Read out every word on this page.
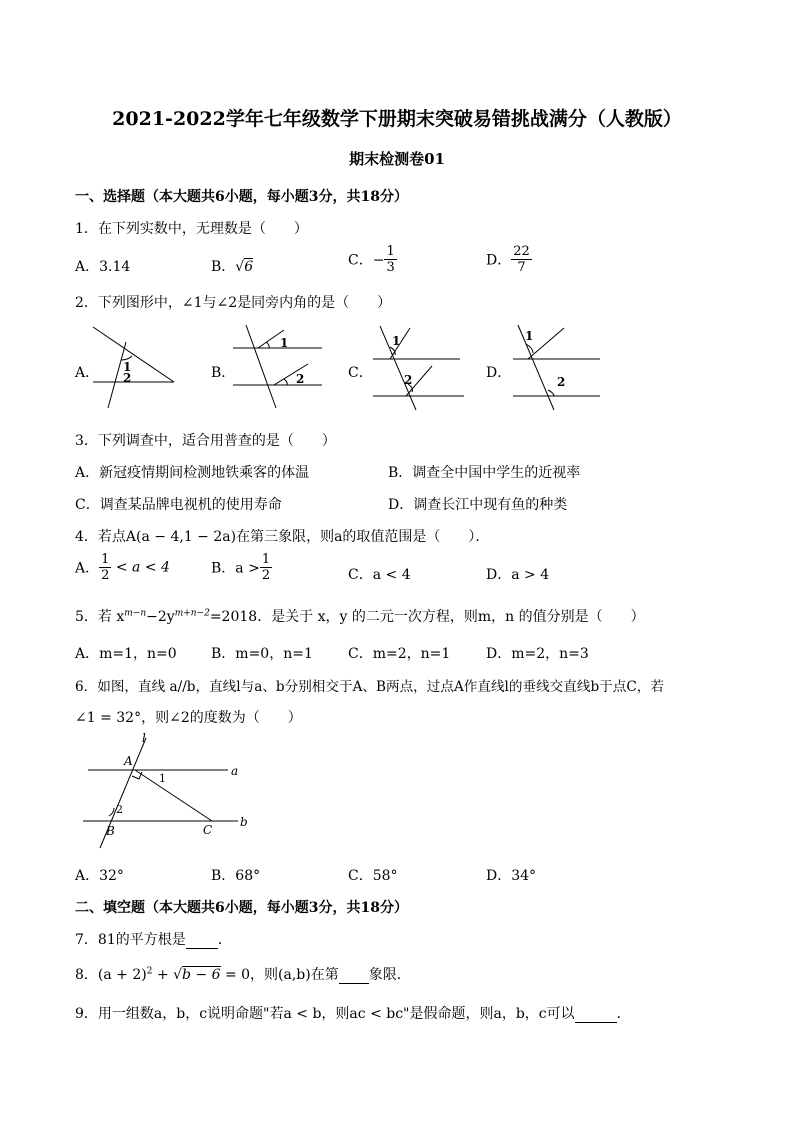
2021-2022学年七年级数学下册期末突破易错挑战满分（人教版）
期末检测卷01
一、选择题（本大题共6小题，每小题3分，共18分）
1．在下列实数中，无理数是（　　）
A．3.14	B．√6	C．− $\frac{1}{3}$	D． $\frac{22}{7}$
2．下列图形中，∠1与∠2是同旁内角的是（　　）
A． 1
2	B．
1
2	C．
1
2	D．
1
2
3．下列调查中，适合用普查的是（　　）
A．新冠疫情期间检测地铁乘客的体温	B．调查全中国中学生的近视率
C．调查某品牌电视机的使用寿命	D．调查长江中现有鱼的种类
4．若点A(a − 4,1 − 2a)在第三象限，则a的取值范围是（　　）．
A． $\frac{1}{2} < a < 4$	B．$a > \frac{1}{2}$	C．a < 4	D．a > 4
5．若 $x^{m-n}-2y^{m+n-2}=2018$．是关于 x，y 的二元一次方程，则m，n 的值分别是（　　）
A．m=1，n=0 B．m=0，n=1	C．m=2，n=1	D．m=2，n=3
6．如图，直线 a//b，直线l与a、b分别相交于A、B两点，过点A作直线l的垂线交直线b于点C，若
∠1 = 32°，则∠2的度数为（　　）
l
A
a
1
2
B	C
b
A．32°	B．68°	C．58°	D．34°
二、填空题（本大题共6小题，每小题3分，共18分）
7．81的平方根是 ．
8．$(a + 2)^2 + √b - 6 = 0$，则(a,b)在第 象限．
9．用一组数a，b，c说明命题"若a < b，则ac < bc"是假命题，则a，b，c可以	．
